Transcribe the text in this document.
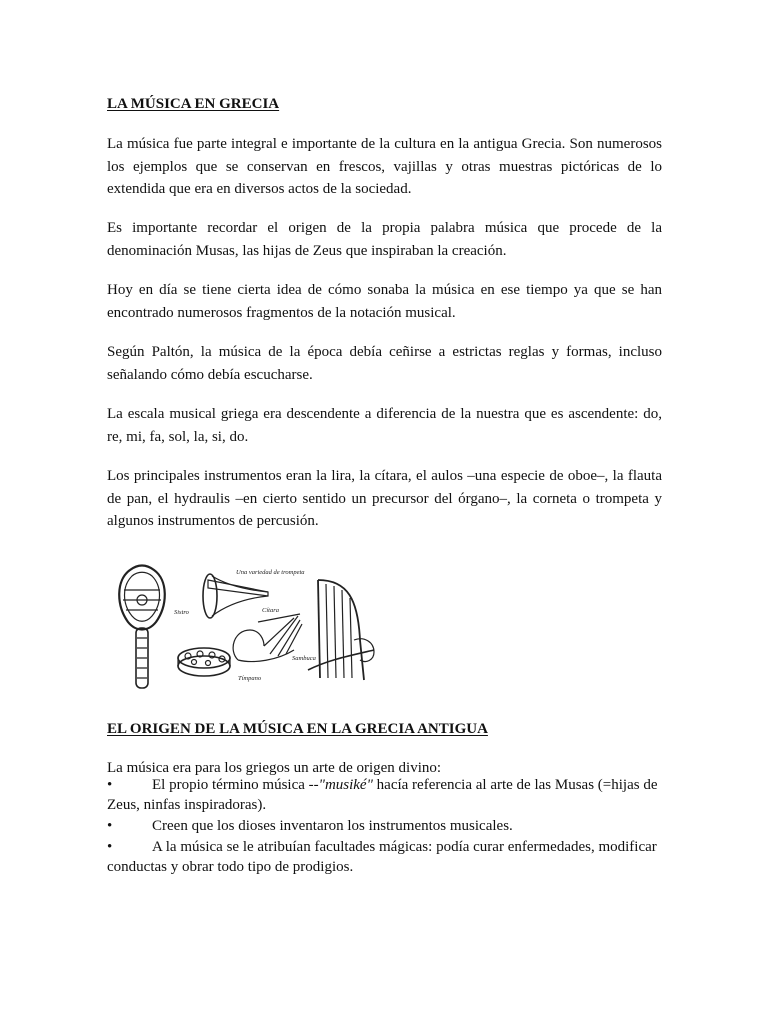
LA MÚSICA EN GRECIA

La música fue parte integral e importante de la cultura en la antigua Grecia. Son numerosos los ejemplos que se conservan en frescos, vajillas y otras muestras pictóricas de lo extendida que era en diversos actos de la sociedad.

Es importante recordar el origen de la propia palabra música que procede de la denominación Musas, las hijas de Zeus que inspiraban la creación.

Hoy en día se tiene cierta idea de cómo sonaba la música en ese tiempo ya que se han encontrado numerosos fragmentos de la notación musical.

Según Paltón, la música de la época debía ceñirse a estrictas reglas y formas, incluso señalando cómo debía escucharse.

La escala musical griega era descendente a diferencia de la nuestra que es ascendente: do, re, mi, fa, sol, la, si, do.

Los principales instrumentos eran la lira, la cítara, el aulos –una especie de oboe–, la flauta de pan, el hydraulis –en cierto sentido un precursor del órgano–, la corneta o trompeta y algunos instrumentos de percusión.

Una variedad de trompeta
Sistro	Cítara
Sambuca
Tímpano
EL ORIGEN DE LA MÚSICA EN LA GRECIA ANTIGUA
La música era para los griegos un arte de origen divino:

•	El propio término música --"musiké" hacía referencia al arte de las Musas (=hijas de Zeus, ninfas inspiradoras).

•	Creen que los dioses inventaron los instrumentos musicales.

•	A la música se le atribuían facultades mágicas: podía curar enfermedades, modificar conductas y obrar todo tipo de prodigios.
